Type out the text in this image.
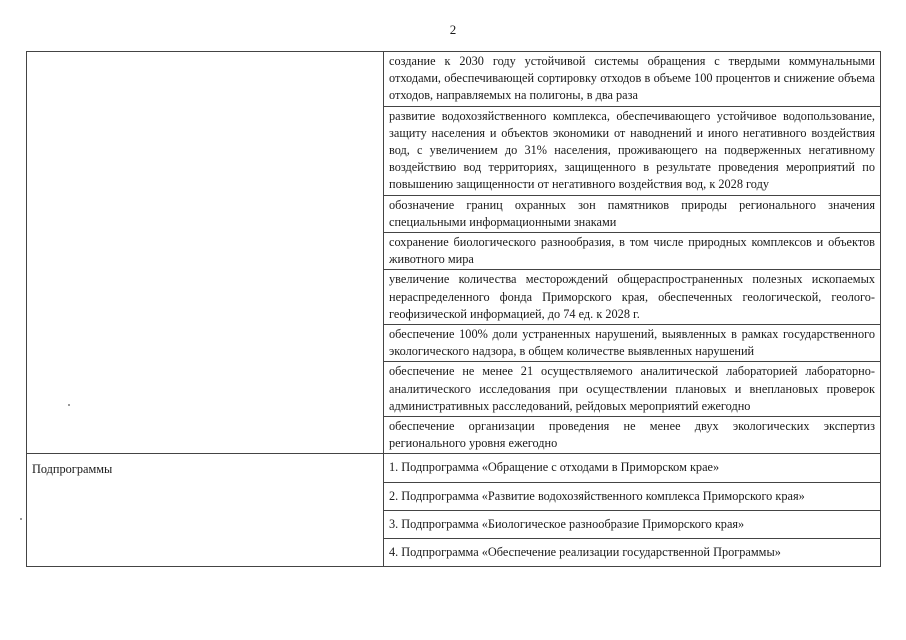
2
	создание к 2030 году устойчивой системы обращения с твердыми коммунальными отходами, обеспечивающей сортировку отходов в объеме 100 процентов и снижение объема отходов, направляемых на полигоны, в два раза
	развитие водохозяйственного комплекса, обеспечивающего устойчивое водопользование, защиту населения и объектов экономики от наводнений и иного негативного воздействия вод, с увеличением до 31% населения, проживающего на подверженных негативному воздействию вод территориях, защищенного в результате проведения мероприятий по повышению защищенности от негативного воздействия вод, к 2028 году
	обозначение границ охранных зон памятников природы регионального значения специальными информационными знаками
	сохранение биологического разнообразия, в том числе природных комплексов и объектов животного мира
	увеличение количества месторождений общераспространенных полезных ископаемых нераспределенного фонда Приморского края, обеспеченных геологической, геолого-геофизической информацией, до 74 ед. к 2028 г.
	обеспечение 100% доли устраненных нарушений, выявленных в рамках государственного экологического надзора, в общем количестве выявленных нарушений
	обеспечение не менее 21 осуществляемого аналитической лабораторией лабораторно-аналитического исследования при осуществлении плановых и внеплановых проверок административных расследований, рейдовых мероприятий ежегодно
	обеспечение организации проведения не менее двух экологических экспертиз регионального уровня ежегодно
Подпрограммы	1. Подпрограмма «Обращение с отходами в Приморском крае»
	2. Подпрограмма «Развитие водохозяйственного комплекса Приморского края»
	3. Подпрограмма «Биологическое разнообразие Приморского края»
	4. Подпрограмма «Обеспечение реализации государственной Программы»
